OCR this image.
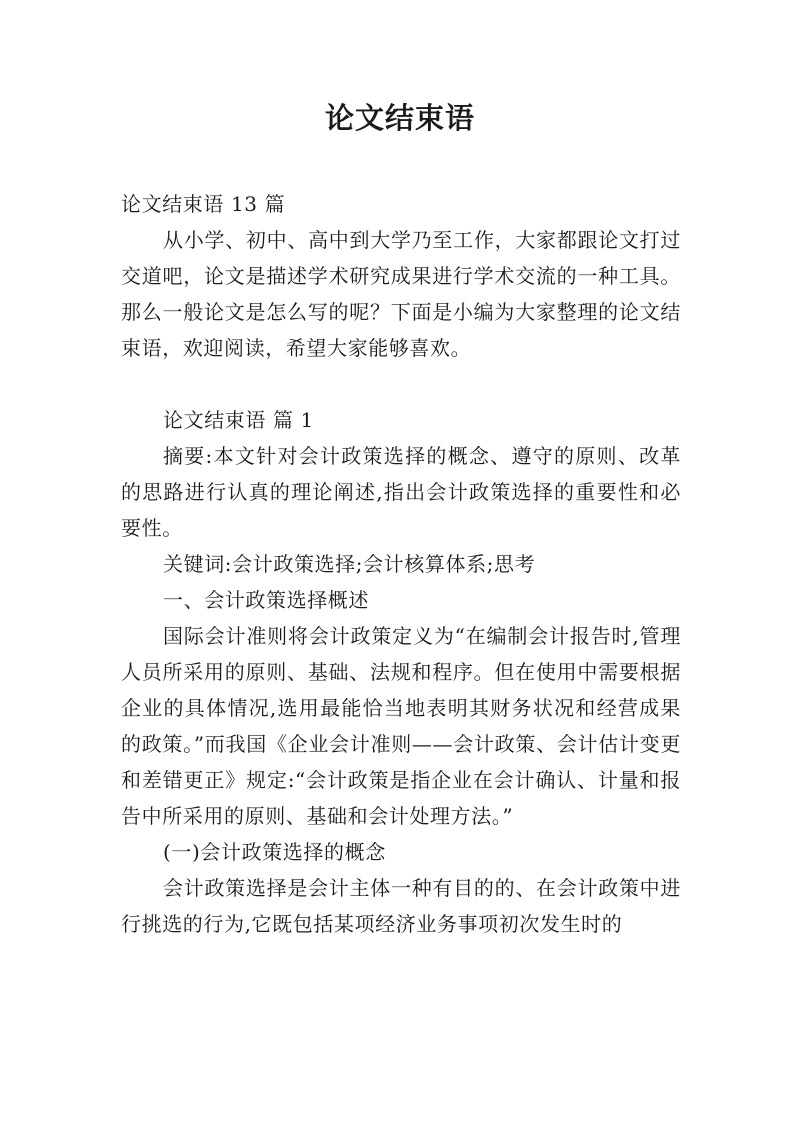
论文结束语

论文结束语 13 篇

从小学、初中、高中到大学乃至工作，大家都跟论文打过交道吧，论文是描述学术研究成果进行学术交流的一种工具。那么一般论文是怎么写的呢？下面是小编为大家整理的论文结束语，欢迎阅读，希望大家能够喜欢。

论文结束语 篇 1

摘要:本文针对会计政策选择的概念、遵守的原则、改革的思路进行认真的理论阐述,指出会计政策选择的重要性和必要性。

关键词:会计政策选择;会计核算体系;思考

一、会计政策选择概述

国际会计准则将会计政策定义为“在编制会计报告时,管理人员所采用的原则、基础、法规和程序。但在使用中需要根据企业的具体情况,选用最能恰当地表明其财务状况和经营成果的政策。”而我国《企业会计准则——会计政策、会计估计变更和差错更正》规定:“会计政策是指企业在会计确认、计量和报告中所采用的原则、基础和会计处理方法。”

(一)会计政策选择的概念

会计政策选择是会计主体一种有目的的、在会计政策中进行挑选的行为,它既包括某项经济业务事项初次发生时的
